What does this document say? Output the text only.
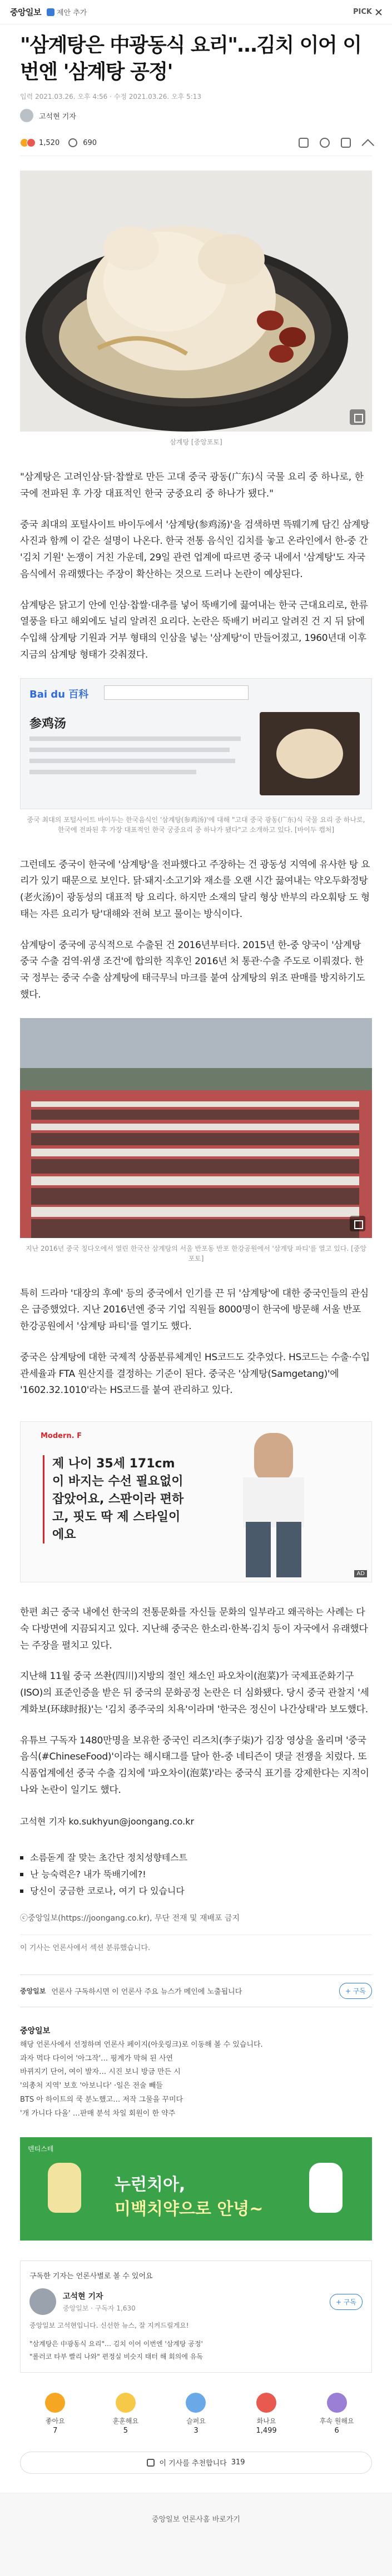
중앙일보 제안 추가	PICK
"삼계탕은 中광동식 요리"…김치 이어 이번엔 '삼계탕 공정'
입력 2021.03.26. 오후 4:56 · 수정 2021.03.26. 오후 5:13
고석현 기자
1,520	690
삼계탕 [중앙포토]
"삼계탕은 고려인삼·닭·찹쌀로 만든 고대 중국 광동(广东)식 국물 요리 중 하나로, 한국에 전파된 후 가장 대표적인 한국 궁중요리 중 하나가 됐다."

중국 최대의 포털사이트 바이두에서 '삼계탕(参鸡汤)'을 검색하면 뜩뭬기께 담긴 삼계탕 사진과 함께 이 같은 설명이 나온다. 한국 전통 음식인 김치를 놓고 온라인에서 한-중 간 '김치 기원' 논쟁이 거친 가운데, 29일 관련 업계에 따르면 중국 내에서 '삼계탕'도 자국 음식에서 유래했다는 주장이 확산하는 것으로 드러나 논란이 예상된다.

삼계탕은 닭고기 안에 인삼·찹쌀·대추를 넣어 뚝배기에 끓여내는 한국 근대요리로, 한류열풍을 타고 해외에도 널리 알려진 요리다. 논란은 뚝배기 버리고 알려진 건 지 뒤 닭에 수입해 삼계탕 기원과 거부 형태의 인삼을 넣는 '삼계탕'이 만들어졌고, 1960년대 이후 지금의 삼계탕 형태가 갖춰졌다.

Bai du 百科
参鸡汤
중국 최대의 포털사이트 바이두는 한국음식인 '삼계탕(参鸡汤)'에 대해 "고대 중국 광동(广东)식 국물 요리 중 하나로, 한국에 전파된 후 가장 대표적인 한국 궁중요리 중 하나가 됐다"고 소개하고 있다. [바이두 캡처]

그런데도 중국이 한국에 '삼계탕'을 전파했다고 주장하는 건 광동성 지역에 유사한 탕 요리가 있기 때문으로 보인다. 닭·돼지·소고기와 재소를 오랜 시간 끓여내는 약오두화정탕(老火汤)이 광동성의 대표적 탕 요리다. 하지만 소재의 달리 형상 반부의 라오훠탕 도 형태는 자른 요리가 탕'대해와 전혀 보고 물이는 방식이다.

삼계탕이 중국에 공식적으로 수출된 건 2016년부터다. 2015년 한-중 양국이 '삼계탕 중국 수출 검역·위생 조건'에 합의한 직후인 2016년 처 통관·수출 주도로 이뤄졌다. 한국 정부는 중국 수출 삼계탕에 태극무늬 마크를 붙여 삼계탕의 위조 판매를 방지하기도 했다.

지난 2016년 중국 칭다오에서 열린 한국산 삼계탕의 서울 반포동 반포 한강공원에서 '삼계탕 파티'를 열고 있다. [중앙포토]

특히 드라마 '대장의 후예' 등의 중국에서 인기를 끈 뒤 '삼계탕'에 대한 중국인들의 관심은 급증했었다. 지난 2016년엔 중국 기업 직원들 8000명이 한국에 방문해 서울 반포 한강공원에서 '삼계탕 파티'를 열기도 했다.

중국은 삼계탕에 대한 국제적 상품분류체계인 HS코드도 갖추었다. HS코드는 수출·수입 관세율과 FTA 원산지를 결정하는 기준이 된다. 중국은 '삼계탕(Samgetang)'에 '1602.32.1010'라는 HS코드를 붙여 관리하고 있다.

Modern. F
제 나이 35세 171cm 이 바지는 수선 필요없이 잡았어요, 스판이라 편하고, 핏도 딱 제 스타일이에요
AD

한편 최근 중국 내에선 한국의 전통문화를 자신들 문화의 일부라고 왜곡하는 사례는 다숙 다방면에 지끔되지고 있다. 지난해 중국은 한소리·한복·김치 등이 자국에서 유래했다는 주장을 펼치고 있다.

지난해 11월 중국 쓰촨(四川)지방의 절인 채소인 파오차이(泡菜)가 국제표준화기구(ISO)의 표준인증을 받은 뒤 중국의 문화공정 논란은 더 심화됐다. 당시 중국 관찰지 '세계화보(环球时报)'는 '김치 종주국의 치욕'이라며 '한국은 정신이 나간상태'라 보도했다.

유튜브 구독자 1480만명을 보유한 중국인 리즈치(李子柒)가 김장 영상을 올리며 '중국음식(#ChineseFood)'이라는 해시태그를 달아 한-중 네티즌이 댓글 전쟁을 치렀다. 또 식품업계에선 중국 수출 김치에 '파오차이(泡菜)'라는 중국식 표기를 강제한다는 지적이 나와 논란이 일기도 했다.

고석현 기자 ko.sukhyun@joongang.co.kr
소름돋게 잘 맞는 초간단 정치성향테스트
난 능숙력은? 내가 뚝배기에?!
당신이 궁금한 코로나, 여기 다 있습니다
ⓒ중앙일보(https://joongang.co.kr), 무단 전재 및 재배포 금지
이 기사는 언론사에서 섹션 분류했습니다.
중앙일보 언론사 구독하시면 이 언론사 주요 뉴스가 메인에 노출됩니다	+ 구독
중앙일보
해당 언론사에서 선정하며 언론사 페이지(아웃링크)로 이동해 볼 수 있습니다.
과자 먹다 다이어 '아그작'… 핑계가 막혀 된 사연
바뀌지기 단어, 여이 발자… 시진 보니 방금 만든 시
'의총처 지역' 보호 '아보니다' ·일은 전술 빼들
BTS 아 하이트의 쿡 분노했고… 저작 그물을 꾸미다
'개 가니다 다올' …판매 분석 차일 회원이 한 약주
덴티스테
누런치아,
미백치약으로 안녕~
구독한 기자는 언론사별로 볼 수 있어요
고석현 기자
중앙일보 · 구독자 1,630
+ 구독
중앙일보 고석현입니다. 신선한 뉴스, 잘 지켜드릴게요!
"삼계탕은 中광동식 요리"… 김치 이어 이번엔 '삼계탕 공정'
"롤러코 타부 빨리 나와" 편정실 비슷지 태터 해 회의에 유독
좋아요
7
훈훈해요
5
슬퍼요
3
화나요
1,499
후속 원해요
6
이 기사를 추천합니다 319
중앙일보 언론사홈 바로가기
